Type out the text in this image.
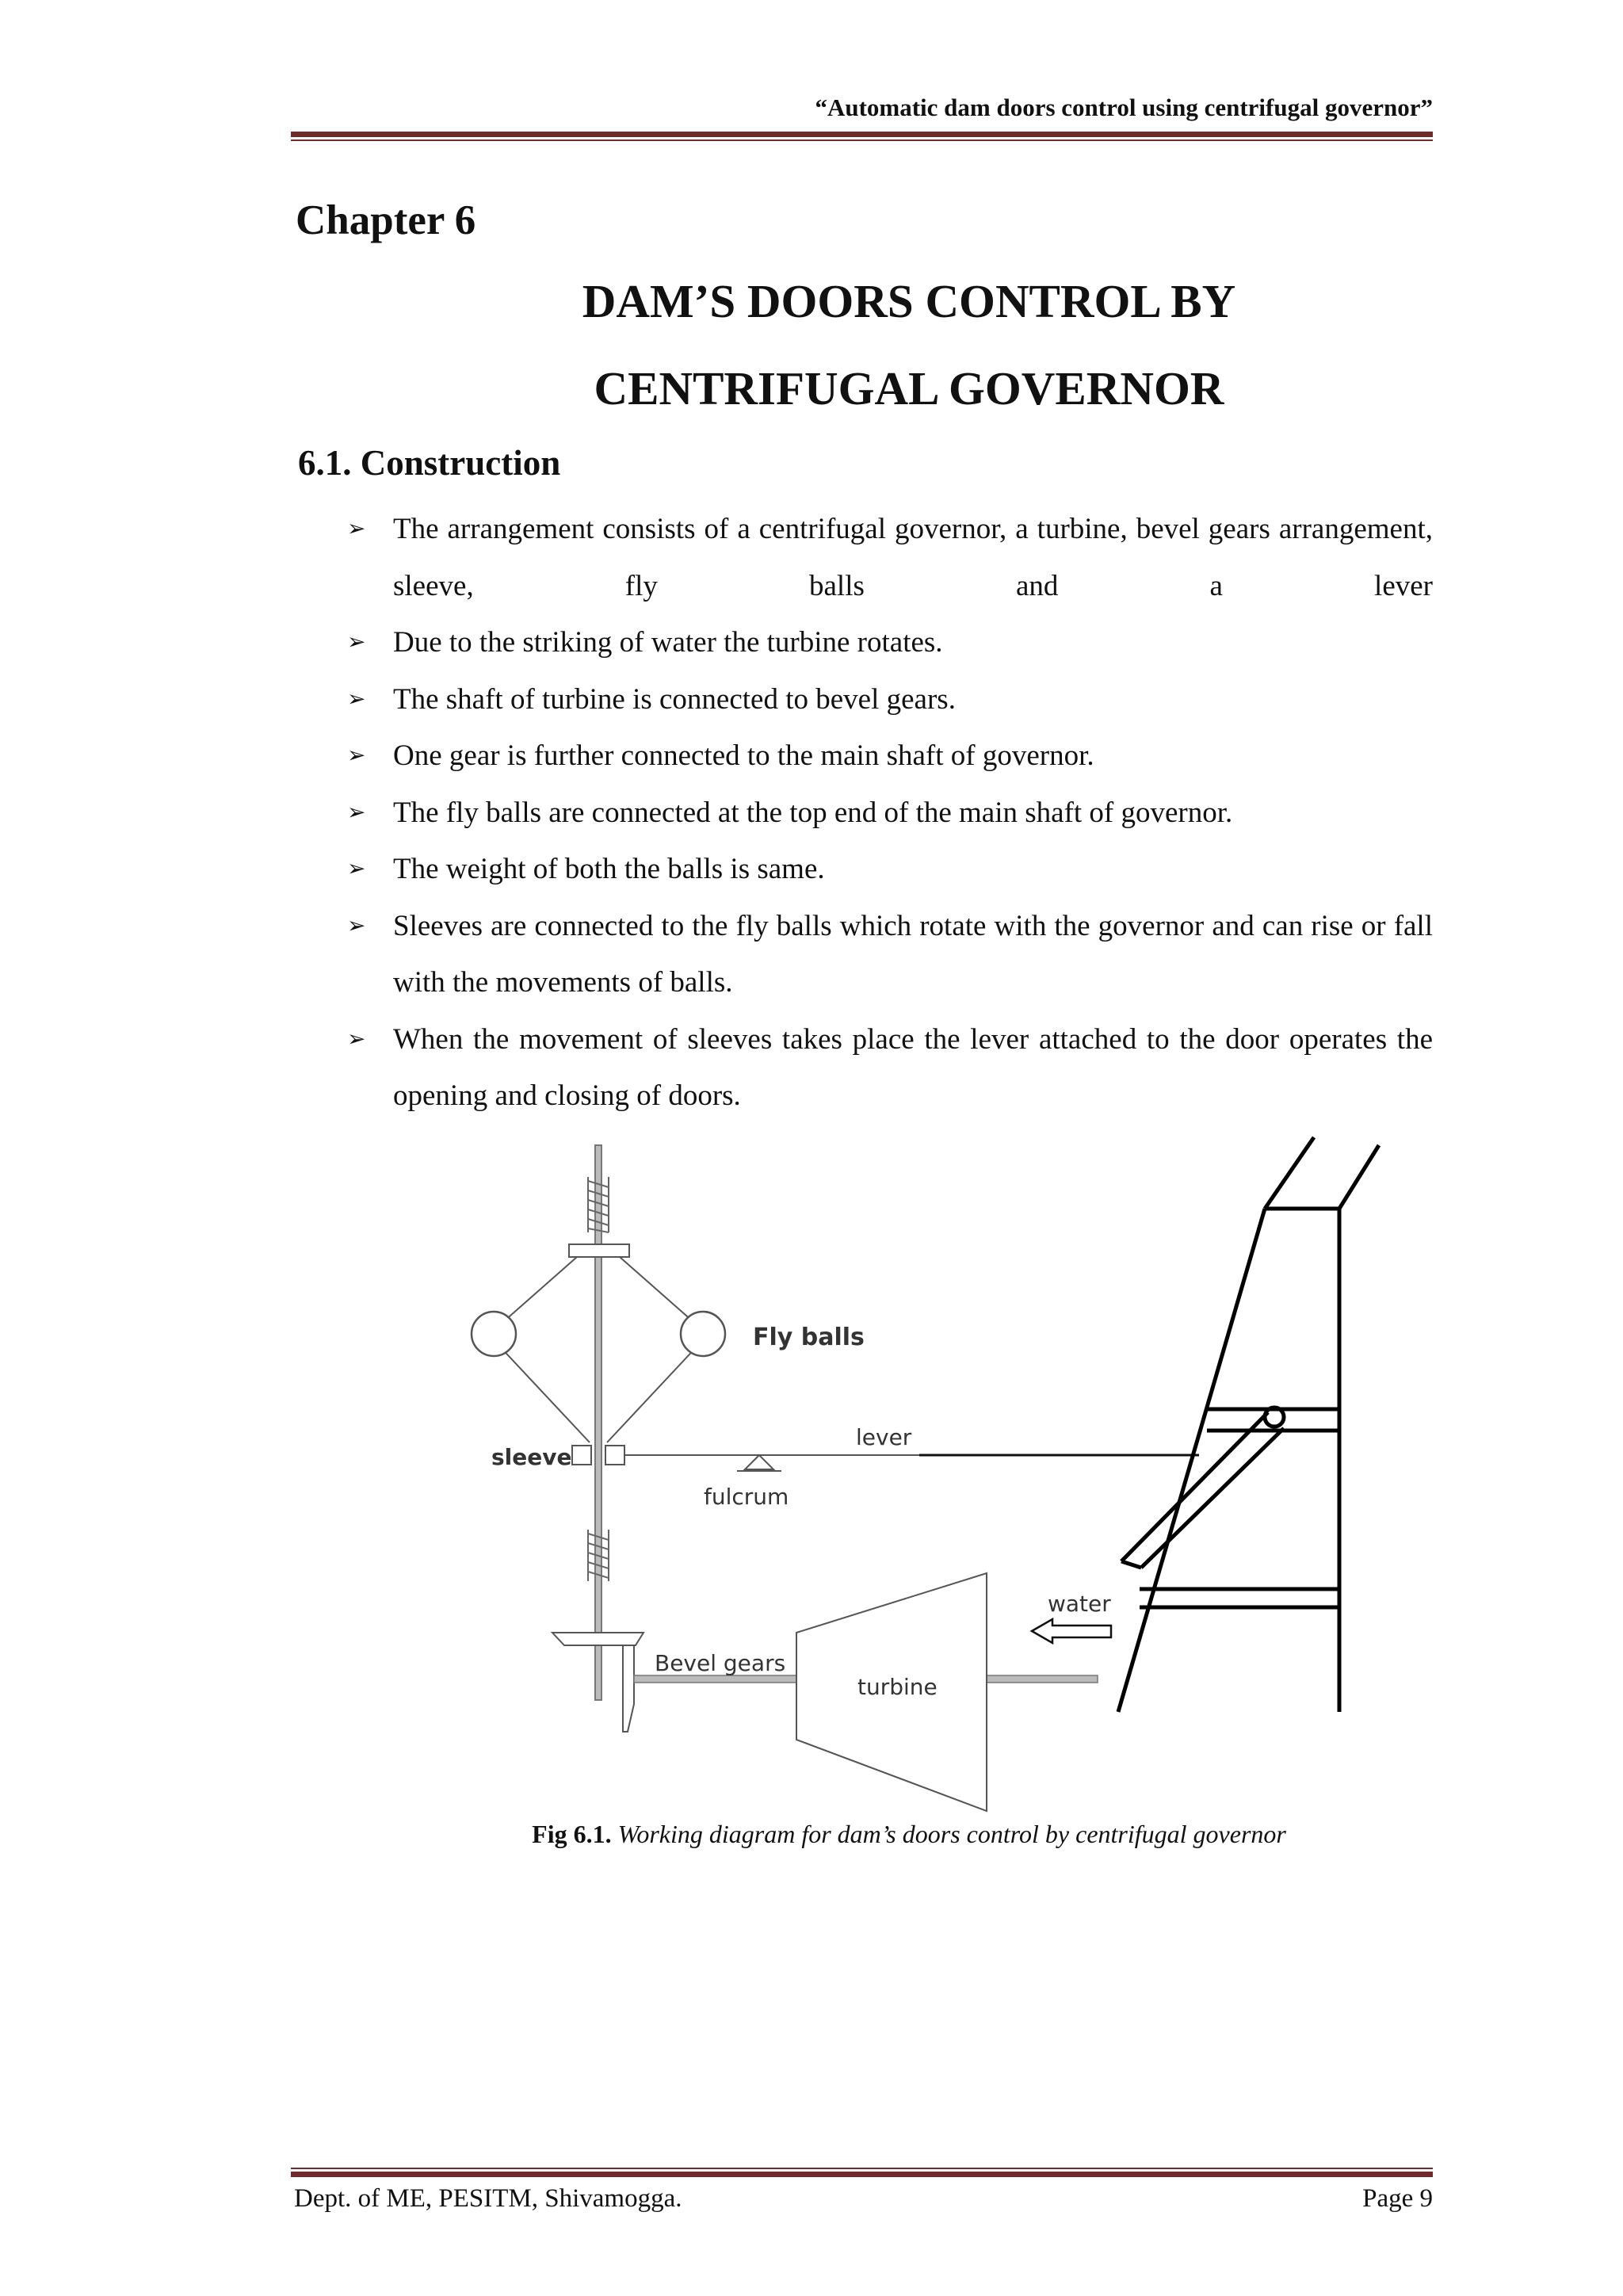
“Automatic dam doors control using centrifugal governor”
Chapter 6
DAM’S DOORS CONTROL BY
CENTRIFUGAL GOVERNOR
6.1. Construction
➢ The arrangement consists of a centrifugal governor, a turbine, bevel gears arrangement, sleeve, fly balls and a lever
➢ Due to the striking of water the turbine rotates.
➢ The shaft of turbine is connected to bevel gears.
➢ One gear is further connected to the main shaft of governor.
➢ The fly balls are connected at the top end of the main shaft of governor.
➢ The weight of both the balls is same.
➢ Sleeves are connected to the fly balls which rotate with the governor and can rise or fall with the movements of balls.
➢ When the movement of sleeves takes place the lever attached to the door operates the opening and closing of doors.
Fly balls
sleeve
lever
fulcrum
water
Bevel gears
turbine
Fig 6.1. Working diagram for dam’s doors control by centrifugal governor
Dept. of ME, PESITM, Shivamogga.	Page 9
